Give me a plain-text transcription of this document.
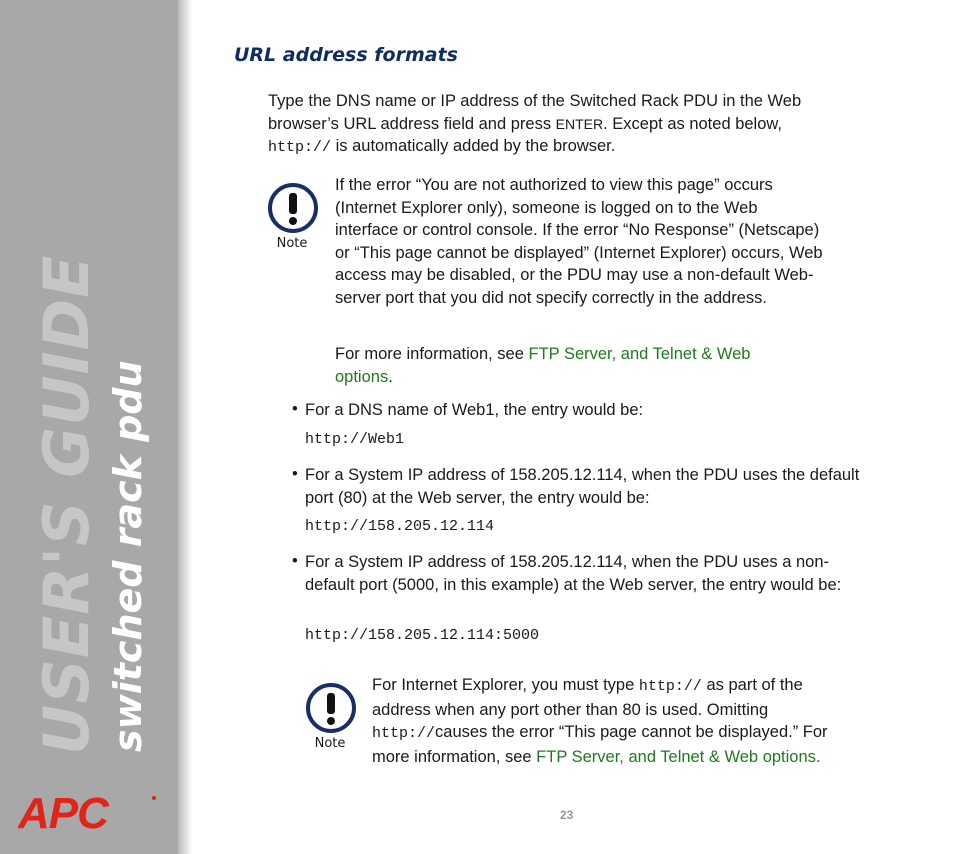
USER'S GUIDE switched rack pdu
APC
URL address formats
Type the DNS name or IP address of the Switched Rack PDU in the Web browser’s URL address field and press ENTER. Except as noted below,
http:// is automatically added by the browser.
Note
If the error “You are not authorized to view this page” occurs (Internet Explorer only), someone is logged on to the Web interface or control console. If the error “No Response” (Netscape) or “This page cannot be displayed” (Internet Explorer) occurs, Web access may be disabled, or the PDU may use a non-default Web-server port that you did not specify correctly in the address.
For more information, see FTP Server, and Telnet & Web options.
• For a DNS name of Web1, the entry would be:
http://Web1
• For a System IP address of 158.205.12.114, when the PDU uses the default port (80) at the Web server, the entry would be:
http://158.205.12.114
• For a System IP address of 158.205.12.114, when the PDU uses a non-default port (5000, in this example) at the Web server, the entry would be:
http://158.205.12.114:5000
Note
For Internet Explorer, you must type http:// as part of the address when any port other than 80 is used. Omitting http://causes the error “This page cannot be displayed.” For more information, see FTP Server, and Telnet & Web options.
23
